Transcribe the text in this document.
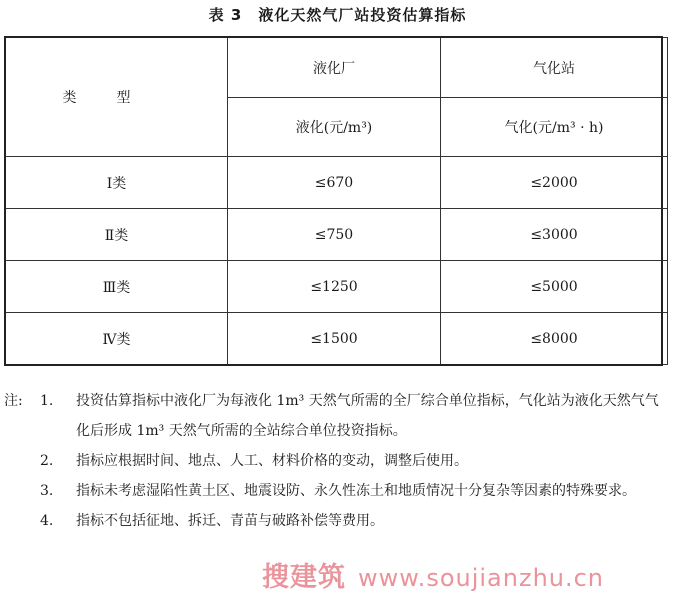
表 3　液化天然气厂站投资估算指标
类型	液化厂	气化站
	液化(元/m³)	气化(元/m³ · h)
Ⅰ类	≤670	≤2000
Ⅱ类	≤750	≤3000
Ⅲ类	≤1250	≤5000
Ⅳ类	≤1500	≤8000
注: 1. 投资估算指标中液化厂为每液化 1m³ 天然气所需的全厂综合单位指标，气化站为液化天然气气化后形成 1m³ 天然气所需的全站综合单位投资指标。
2. 指标应根据时间、地点、人工、材料价格的变动，调整后使用。
3. 指标未考虑湿陷性黄土区、地震设防、永久性冻土和地质情况十分复杂等因素的特殊要求。
4. 指标不包括征地、拆迁、青苗与破路补偿等费用。
搜建筑 www.soujianzhu.cn
